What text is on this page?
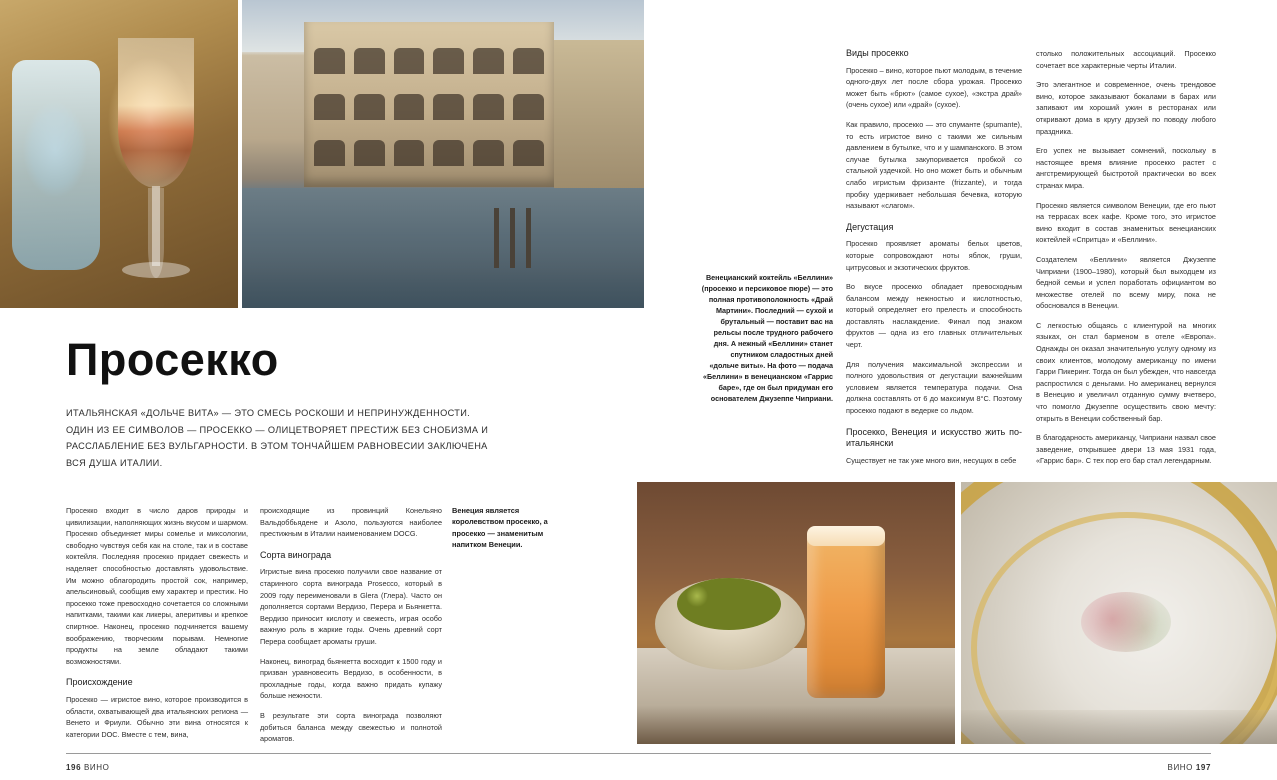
Просекко
ИТАЛЬЯНСКАЯ «ДОЛЬЧЕ ВИТА» — ЭТО СМЕСЬ РОСКОШИ И НЕПРИНУЖДЕННОСТИ. ОДИН ИЗ ЕЕ СИМВОЛОВ — ПРОСЕККО — ОЛИЦЕТВОРЯЕТ ПРЕСТИЖ БЕЗ СНОБИЗМА И РАССЛАБЛЕНИЕ БЕЗ ВУЛЬГАРНОСТИ. В ЭТОМ ТОНЧАЙШЕМ РАВНОВЕСИИ ЗАКЛЮЧЕНА ВСЯ ДУША ИТАЛИИ.

Просекко входит в число даров природы и цивилизации, наполняющих жизнь вкусом и шармом. Просекко объединяет миры сомелье и миксологии, свободно чувствуя себя как на столе, так и в составе коктейля. Последняя просекко придает свежесть и наделяет способностью доставлять удовольствие. Им можно облагородить простой сок, например, апельсиновый, сообщив ему характер и престиж. Но просекко тоже превосходно сочетается со сложными напитками, такими как ликеры, аперитивы и крепкое спиртное. Наконец, просекко подчиняется вашему воображению, творческим порывам. Немногие продукты на земле обладают такими возможностями.

Происхождение

Просекко — игристое вино, которое производится в области, охватывающей два итальянских региона — Венето и Фриули. Обычно эти вина относятся к категории DOC. Вместе с тем, вина,

происходящие из провинций Конельяно Вальдоббьядене и Азоло, пользуются наиболее престижным в Италии наименованием DOCG.

Сорта винограда

Игристые вина просекко получили свое название от старинного сорта винограда Prosecco, который в 2009 году переименовали в Glera (Глера). Часто он дополняется сортами Вердизо, Перера и Бьянкетта. Вердизо приносит кислоту и свежесть, играя особо важную роль в жаркие годы. Очень древний сорт Перера сообщает ароматы груши.

Наконец, виноград бьянкетта восходит к 1500 году и призван уравновесить Вердизо, в особенности, в прохладные годы, когда важно придать купажу больше нежности.

В результате эти сорта винограда позволяют добиться баланса между свежестью и полнотой ароматов.

Венеция является королевством просекко, а просекко — знаменитым напитком Венеции.
Венецианский коктейль «Беллини» (просекко и персиковое пюре) — это полная противоположность «Драй Мартини». Последний — сухой и брутальный — поставит вас на рельсы после трудного рабочего дня. А нежный «Беллини» станет спутником сладостных дней «дольче виты». На фото — подача «Беллини» в венецианском «Гаррис баре», где он был придуман его основателем Джузеппе Чиприани.
Виды просекко

Просекко – вино, которое пьют молодым, в течение одного-двух лет после сбора урожая. Просекко может быть «брют» (самое сухое), «экстра драй» (очень сухое) или «драй» (сухое).

Как правило, просекко — это спуманте (spumante), то есть игристое вино с такими же сильным давлением в бутылке, что и у шампанского. В этом случае бутылка закупоривается пробкой со стальной уздечкой. Но оно может быть и обычным слабо игристым фризанте (frizzante), и тогда пробку удерживает небольшая бечевка, которую называют «слагом».

Дегустация

Просекко проявляет ароматы белых цветов, которые сопровождают ноты яблок, груши, цитрусовых и экзотических фруктов.

Во вкусе просекко обладает превосходным балансом между нежностью и кислотностью, который определяет его прелесть и способность доставлять наслаждение. Финал под знаком фруктов — одна из его главных отличительных черт.

Для получения максимальной экспрессии и полного удовольствия от дегустации важнейшим условием является температура подачи. Она должна составлять от 6 до максимум 8°С. Поэтому просекко подают в ведерке со льдом.

Просекко, Венеция и искусство жить по-итальянски

Существует не так уже много вин, несущих в себе

столько положительных ассоциаций. Просекко сочетает все характерные черты Италии.

Это элегантное и современное, очень трендовое вино, которое заказывают бокалами в барах или запивают им хороший ужин в ресторанах или откривают дома в кругу друзей по поводу любого праздника.

Его успех не вызывает сомнений, поскольку в настоящее время влияние просекко растет с ангстремирующей быстротой практически во всех странах мира.

Просекко является символом Венеции, где его пьют на террасах всех кафе. Кроме того, это игристое вино входит в состав знаменитых венецианских коктейлей «Спритца» и «Беллини».

Создателем «Беллини» является Джузеппе Чиприани (1900–1980), который был выходцем из бедной семьи и успел поработать официантом во множестве отелей по всему миру, пока не обосновался в Венеции.

С легкостью общаясь с клиентурой на многих языках, он стал барменом в отеле «Европа». Однажды он оказал значительную услугу одному из своих клиентов, молодому американцу по имени Гарри Пикеринг. Тогда он был убежден, что навсегда распростился с деньгами. Но американец вернулся в Венецию и увеличил отданную сумму вчетверо, что помогло Джузеппе осуществить свою мечту: открыть в Венеции собственный бар.

В благодарность американцу, Чиприани назвал свое заведение, открывшее двери 13 мая 1931 года, «Гаррис бар». С тех пор его бар стал легендарным.

196 ВИНО	ВИНО 197
